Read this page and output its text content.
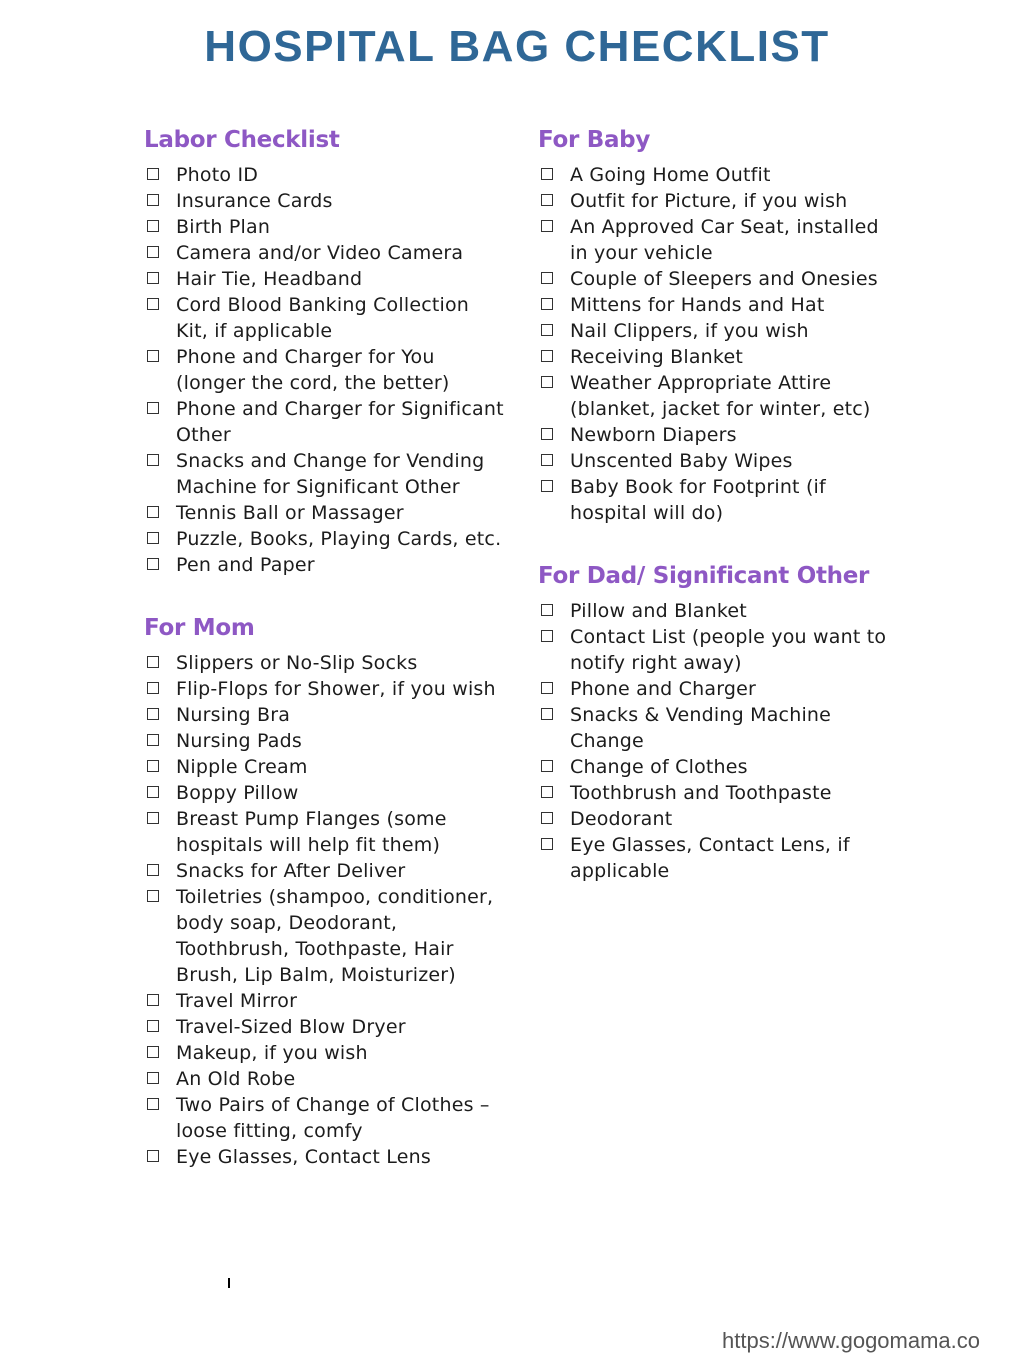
HOSPITAL BAG CHECKLIST
Labor Checklist
Photo ID
Insurance Cards
Birth Plan
Camera and/or Video Camera
Hair Tie, Headband
Cord Blood Banking Collection Kit, if applicable
Phone and Charger for You (longer the cord, the better)
Phone and Charger for Significant Other
Snacks and Change for Vending Machine for Significant Other
Tennis Ball or Massager
Puzzle, Books, Playing Cards, etc.
Pen and Paper
For Mom
Slippers or No-Slip Socks
Flip-Flops for Shower, if you wish
Nursing Bra
Nursing Pads
Nipple Cream
Boppy Pillow
Breast Pump Flanges (some hospitals will help fit them)
Snacks for After Deliver
Toiletries (shampoo, conditioner, body soap, Deodorant, Toothbrush, Toothpaste, Hair Brush, Lip Balm, Moisturizer)
Travel Mirror
Travel-Sized Blow Dryer
Makeup, if you wish
An Old Robe
Two Pairs of Change of Clothes – loose fitting, comfy
Eye Glasses, Contact Lens
For Baby
A Going Home Outfit
Outfit for Picture, if you wish
An Approved Car Seat, installed in your vehicle
Couple of Sleepers and Onesies
Mittens for Hands and Hat
Nail Clippers, if you wish
Receiving Blanket
Weather Appropriate Attire (blanket, jacket for winter, etc)
Newborn Diapers
Unscented Baby Wipes
Baby Book for Footprint (if hospital will do)
For Dad/ Significant Other
Pillow and Blanket
Contact List (people you want to notify right away)
Phone and Charger
Snacks & Vending Machine Change
Change of Clothes
Toothbrush and Toothpaste
Deodorant
Eye Glasses, Contact Lens, if applicable
https://www.gogomama.co
